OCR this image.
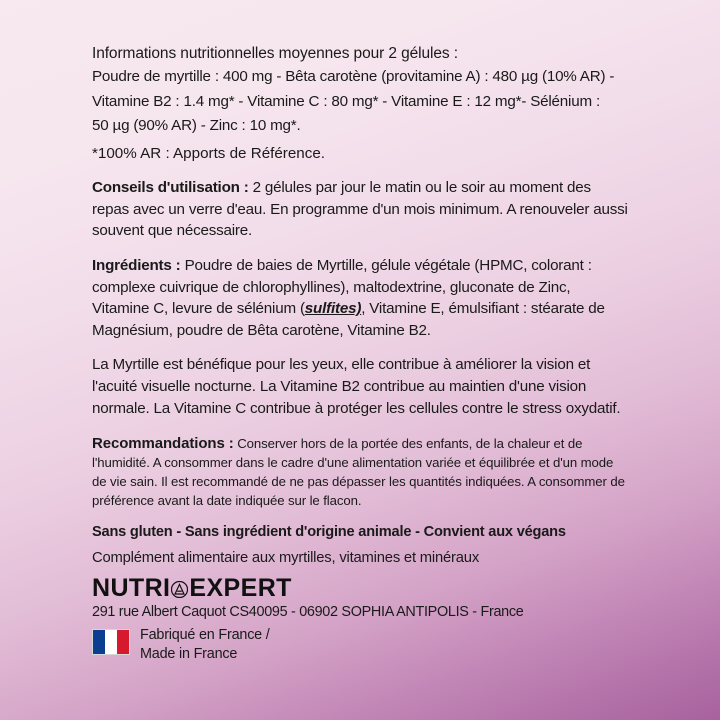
Informations nutritionnelles moyennes pour 2 gélules :

Poudre de myrtille : 400 mg - Bêta carotène (provitamine A) : 480 µg (10% AR) -

Vitamine B2 : 1.4 mg* - Vitamine C : 80 mg* - Vitamine E : 12 mg*- Sélénium :

50 µg (90% AR) - Zinc : 10 mg*.

*100% AR : Apports de Référence.

Conseils d'utilisation : 2 gélules par jour le matin ou le soir au moment des repas avec un verre d'eau. En programme d'un mois minimum. A renouveler aussi souvent que nécessaire.

Ingrédients : Poudre de baies de Myrtille, gélule végétale (HPMC, colorant : complexe cuivrique de chlorophyllines), maltodextrine, gluconate de Zinc, Vitamine C, levure de sélénium (sulfites), Vitamine E, émulsifiant : stéarate de Magnésium, poudre de Bêta carotène, Vitamine B2.

La Myrtille est bénéfique pour les yeux, elle contribue à améliorer la vision et l'acuité visuelle nocturne. La Vitamine B2 contribue au maintien d'une vision normale. La Vitamine C contribue à protéger les cellules contre le stress oxydatif.

Recommandations : Conserver hors de la portée des enfants, de la chaleur et de l'humidité. A consommer dans le cadre d'une alimentation variée et équilibrée et d'un mode de vie sain. Il est recommandé de ne pas dépasser les quantités indiquées. A consommer de préférence avant la date indiquée sur le flacon.

Sans gluten - Sans ingrédient d'origine animale - Convient aux végans

Complément alimentaire aux myrtilles, vitamines et minéraux

NUTRI EXPERT

291 rue Albert Caquot CS40095 - 06902 SOPHIA ANTIPOLIS - France

Fabriqué en France /

Made in France
